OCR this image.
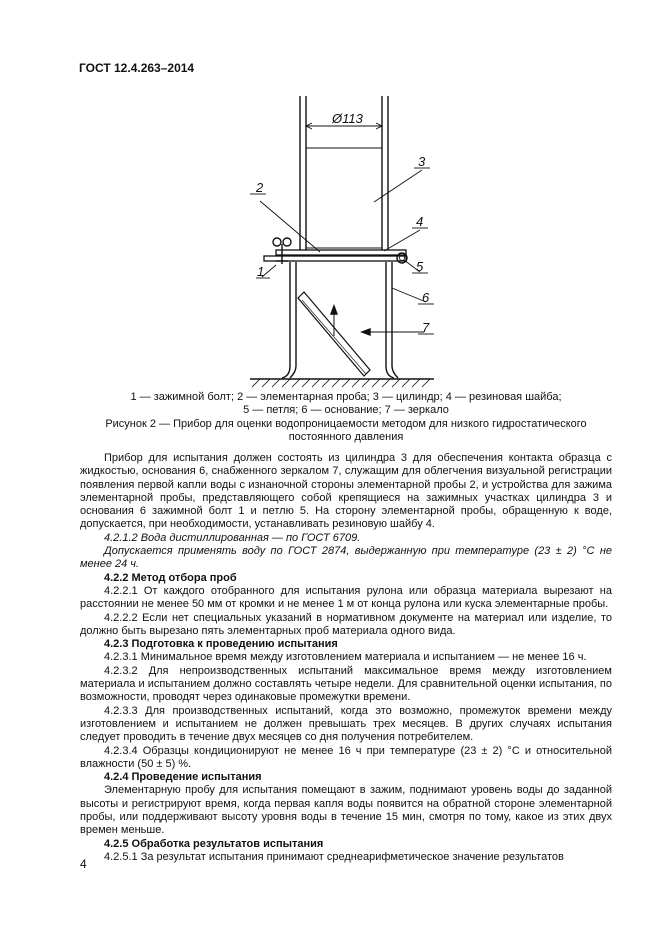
ГОСТ 12.4.263–2014
Ø113
1
2
3
4
5
6
7
1 — зажимной болт; 2 — элементарная проба; 3 — цилиндр; 4 — резиновая шайба;
5 — петля; 6 — основание; 7 — зеркало
Рисунок 2 — Прибор для оценки водопроницаемости методом для низкого гидростатического
постоянного давления

Прибор для испытания должен состоять из цилиндра 3 для обеспечения контакта образца с жидкостью, основания 6, снабженного зеркалом 7, служащим для облегчения визуальной регистрации появления первой капли воды с изнаночной стороны элементарной пробы 2, и устройства для зажима элементарной пробы, представляющего собой крепящиеся на зажимных участках цилиндра 3 и основания 6 зажимной болт 1 и петлю 5. На сторону элементарной пробы, обращенную к воде, допускается, при необходимости, устанавливать резиновую шайбу 4.

4.2.1.2 Вода дистиллированная — по ГОСТ 6709.

Допускается применять воду по ГОСТ 2874, выдержанную при температуре (23 ± 2) °С не менее 24 ч.

4.2.2 Метод отбора проб

4.2.2.1 От каждого отобранного для испытания рулона или образца материала вырезают на расстоянии не менее 50 мм от кромки и не менее 1 м от конца рулона или куска элементарные пробы.

4.2.2.2 Если нет специальных указаний в нормативном документе на материал или изделие, то должно быть вырезано пять элементарных проб материала одного вида.

4.2.3 Подготовка к проведению испытания

4.2.3.1 Минимальное время между изготовлением материала и испытанием — не менее 16 ч.

4.2.3.2 Для непроизводственных испытаний максимальное время между изготовлением материала и испытанием должно составлять четыре недели. Для сравнительной оценки испытания, по возможности, проводят через одинаковые промежутки времени.

4.2.3.3 Для производственных испытаний, когда это возможно, промежуток времени между изготовлением и испытанием не должен превышать трех месяцев. В других случаях испытания следует проводить в течение двух месяцев со дня получения потребителем.

4.2.3.4 Образцы кондиционируют не менее 16 ч при температуре (23 ± 2) °С и относительной влажности (50 ± 5) %.

4.2.4 Проведение испытания

Элементарную пробу для испытания помещают в зажим, поднимают уровень воды до заданной высоты и регистрируют время, когда первая капля воды появится на обратной стороне элементарной пробы, или поддерживают высоту уровня воды в течение 15 мин, смотря по тому, какое из этих двух времен меньше.

4.2.5 Обработка результатов испытания

4.2.5.1 За результат испытания принимают среднеарифметическое значение результатов

4
